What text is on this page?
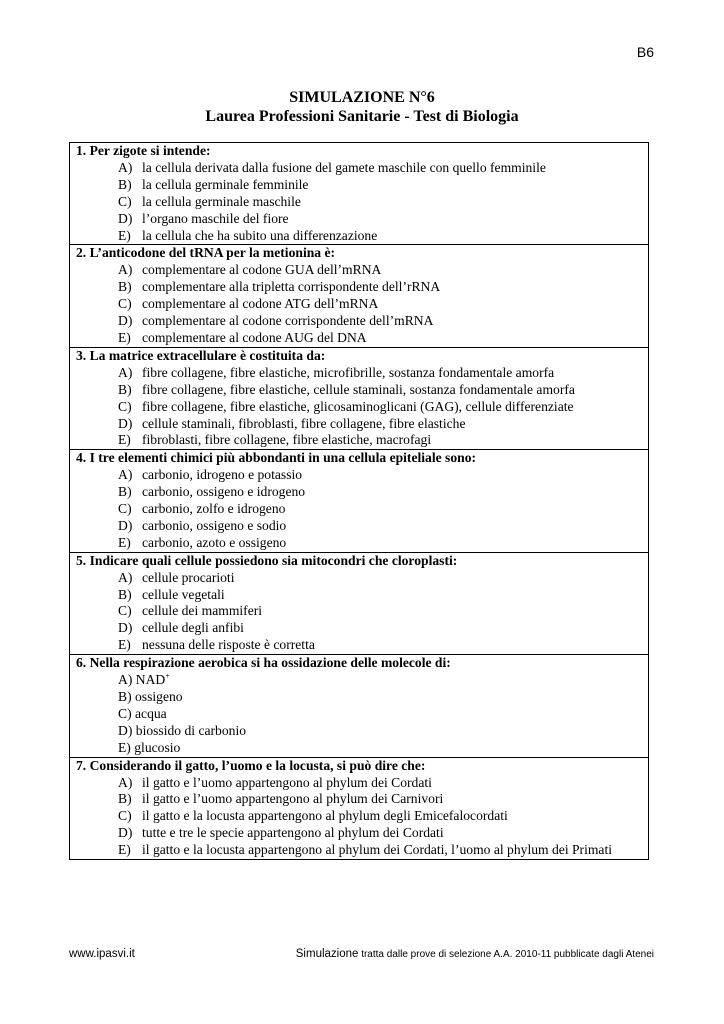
B6
SIMULAZIONE N°6
Laurea Professioni Sanitarie - Test di Biologia
1. Per zigote si intende:
A) la cellula derivata dalla fusione del gamete maschile con quello femminile
B) la cellula germinale femminile
C) la cellula germinale maschile
D) l’organo maschile del fiore
E) la cellula che ha subito una differenzazione

2. L’anticodone del tRNA per la metionina è:
A) complementare al codone GUA dell’mRNA
B) complementare alla tripletta corrispondente dell’rRNA
C) complementare al codone ATG dell’mRNA
D) complementare al codone corrispondente dell’mRNA
E) complementare al codone AUG del DNA

3. La matrice extracellulare è costituita da:
A) fibre collagene, fibre elastiche, microfibrille, sostanza fondamentale amorfa
B) fibre collagene, fibre elastiche, cellule staminali, sostanza fondamentale amorfa
C) fibre collagene, fibre elastiche, glicosaminoglicani (GAG), cellule differenziate
D) cellule staminali, fibroblasti, fibre collagene, fibre elastiche
E) fibroblasti, fibre collagene, fibre elastiche, macrofagi

4. I tre elementi chimici più abbondanti in una cellula epiteliale sono:
A) carbonio, idrogeno e potassio
B) carbonio, ossigeno e idrogeno
C) carbonio, zolfo e idrogeno
D) carbonio, ossigeno e sodio
E) carbonio, azoto e ossigeno

5. Indicare quali cellule possiedono sia mitocondri che cloroplasti:
A) cellule procarioti
B) cellule vegetali
C) cellule dei mammiferi
D) cellule degli anfibi
E) nessuna delle risposte è corretta

6. Nella respirazione aerobica si ha ossidazione delle molecole di:
A) NAD+
B) ossigeno
C) acqua
D) biossido di carbonio
E) glucosio

7. Considerando il gatto, l’uomo e la locusta, si può dire che:
A) il gatto e l’uomo appartengono al phylum dei Cordati
B) il gatto e l’uomo appartengono al phylum dei Carnivori
C) il gatto e la locusta appartengono al phylum degli Emicefalocordati
D) tutte e tre le specie appartengono al phylum dei Cordati
E) il gatto e la locusta appartengono al phylum dei Cordati, l’uomo al phylum dei Primati
www.ipasvi.it	Simulazione tratta dalle prove di selezione A.A. 2010-11 pubblicate dagli Atenei
